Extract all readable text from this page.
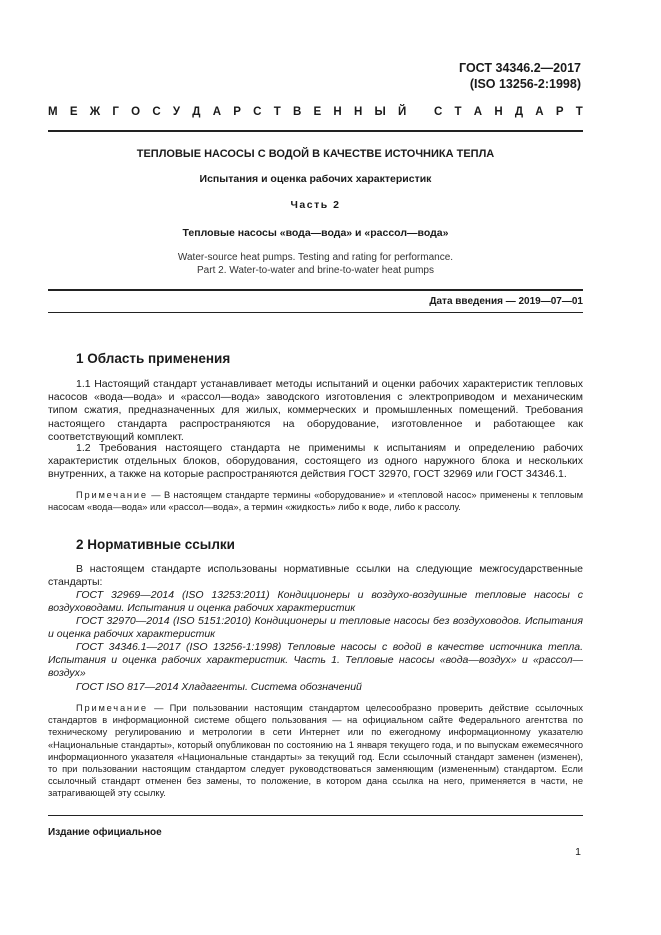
ГОСТ 34346.2—2017
(ISO 13256-2:1998)
М Е Ж Г О С У Д А Р С Т В Е Н Н Ы Й
С Т А Н Д А Р Т
ТЕПЛОВЫЕ НАСОСЫ С ВОДОЙ В КАЧЕСТВЕ ИСТОЧНИКА ТЕПЛА
Испытания и оценка рабочих характеристик
Часть 2
Тепловые насосы «вода—вода» и «рассол—вода»
Water-source heat pumps. Testing and rating for performance.
Part 2. Water-to-water and brine-to-water heat pumps
Дата введения — 2019—07—01
1 Область применения
1.1 Настоящий стандарт устанавливает методы испытаний и оценки рабочих характеристик тепловых насосов «вода—вода» и «рассол—вода» заводского изготовления с электроприводом и механическим типом сжатия, предназначенных для жилых, коммерческих и промышленных помещений. Требования настоящего стандарта распространяются на оборудование, изготовленное и работающее как соответствующий комплект.
1.2 Требования настоящего стандарта не применимы к испытаниям и определению рабочих характеристик отдельных блоков, оборудования, состоящего из одного наружного блока и нескольких внутренних, а также на которые распространяются действия ГОСТ 32970, ГОСТ 32969 или ГОСТ 34346.1.
Примечание — В настоящем стандарте термины «оборудование» и «тепловой насос» применены к тепловым насосам «вода—вода» или «рассол—вода», а термин «жидкость» либо к воде, либо к рассолу.
2 Нормативные ссылки
В настоящем стандарте использованы нормативные ссылки на следующие межгосударственные стандарты:
ГОСТ 32969—2014 (ISO 13253:2011) Кондиционеры и воздухо-воздушные тепловые насосы с воздуховодами. Испытания и оценка рабочих характеристик
ГОСТ 32970—2014 (ISO 5151:2010) Кондиционеры и тепловые насосы без воздуховодов. Испытания и оценка рабочих характеристик
ГОСТ 34346.1—2017 (ISO 13256-1:1998) Тепловые насосы с водой в качестве источника тепла. Испытания и оценка рабочих характеристик. Часть 1. Тепловые насосы «вода—воздух» и «рассол—воздух»
ГОСТ ISO 817—2014 Хладагенты. Система обозначений
Примечание — При пользовании настоящим стандартом целесообразно проверить действие ссылочных стандартов в информационной системе общего пользования — на официальном сайте Федерального агентства по техническому регулированию и метрологии в сети Интернет или по ежегодному информационному указателю «Национальные стандарты», который опубликован по состоянию на 1 января текущего года, и по выпускам ежемесячного информационного указателя «Национальные стандарты» за текущий год. Если ссылочный стандарт заменен (изменен), то при пользовании настоящим стандартом следует руководствоваться заменяющим (измененным) стандартом. Если ссылочный стандарт отменен без замены, то положение, в котором дана ссылка на него, применяется в части, не затрагивающей эту ссылку.
Издание официальное
1
